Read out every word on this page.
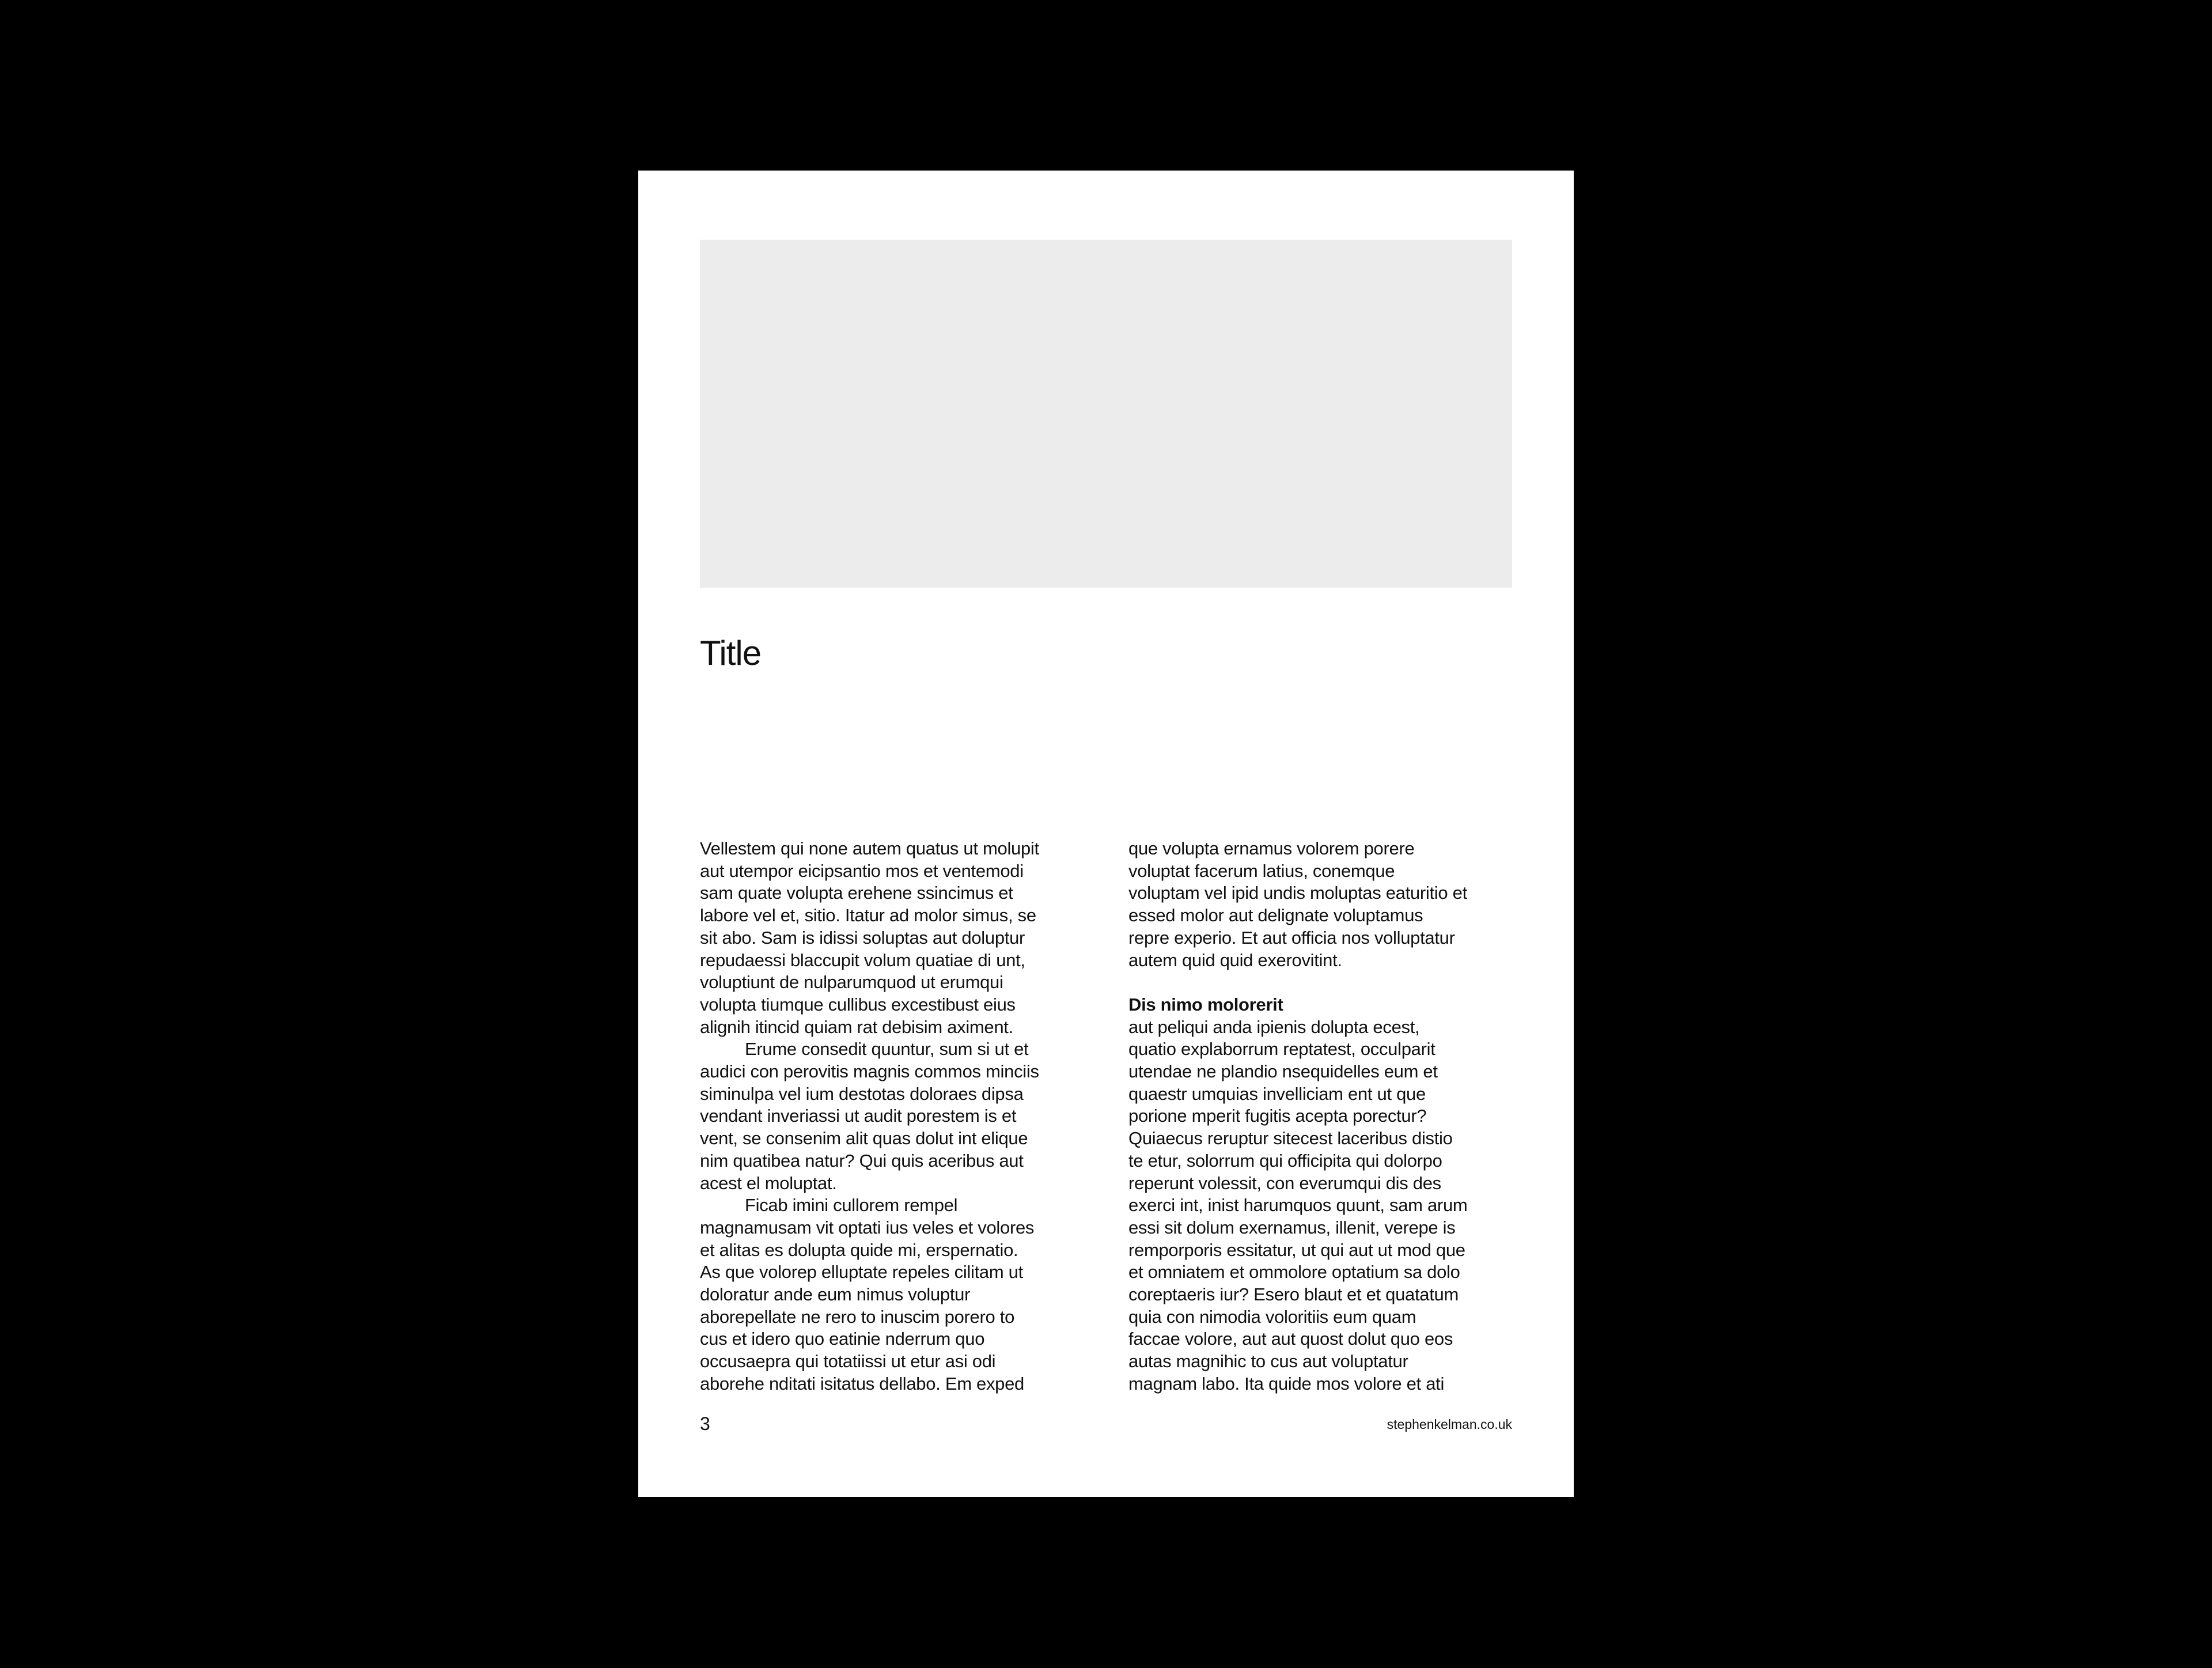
Title
Vellestem qui none autem quatus ut molupit
aut utempor eicipsantio mos et ventemodi
sam quate volupta erehene ssincimus et
labore vel et, sitio. Itatur ad molor simus, se
sit abo. Sam is idissi soluptas aut doluptur
repudaessi blaccupit volum quatiae di unt,
voluptiunt de nulparumquod ut erumqui
volupta tiumque cullibus excestibust eius
alignih itincid quiam rat debisim aximent.
Erume consedit quuntur, sum si ut et
audici con perovitis magnis commos minciis
siminulpa vel ium destotas doloraes dipsa
vendant inveriassi ut audit porestem is et
vent, se consenim alit quas dolut int elique
nim quatibea natur? Qui quis aceribus aut
acest el moluptat.
Ficab imini cullorem rempel
magnamusam vit optati ius veles et volores
et alitas es dolupta quide mi, erspernatio.
As que volorep elluptate repeles cilitam ut
doloratur ande eum nimus voluptur
aborepellate ne rero to inuscim porero to
cus et idero quo eatinie nderrum quo
occusaepra qui totatiissi ut etur asi odi
aborehe nditati isitatus dellabo. Em exped
que volupta ernamus volorem porere
voluptat facerum latius, conemque
voluptam vel ipid undis moluptas eaturitio et
essed molor aut delignate voluptamus
repre experio. Et aut officia nos volluptatur
autem quid quid exerovitint.
Dis nimo molorerit
aut peliqui anda ipienis dolupta ecest,
quatio explaborrum reptatest, occulparit
utendae ne plandio nsequidelles eum et
quaestr umquias invelliciam ent ut que
porione mperit fugitis acepta porectur?
Quiaecus reruptur sitecest laceribus distio
te etur, solorrum qui officipita qui dolorpo
reperunt volessit, con everumqui dis des
exerci int, inist harumquos quunt, sam arum
essi sit dolum exernamus, illenit, verepe is
remporporis essitatur, ut qui aut ut mod que
et omniatem et ommolore optatium sa dolo
coreptaeris iur? Esero blaut et et quatatum
quia con nimodia voloritiis eum quam
faccae volore, aut aut quost dolut quo eos
autas magnihic to cus aut voluptatur
magnam labo. Ita quide mos volore et ati
3	stephenkelman.co.uk
